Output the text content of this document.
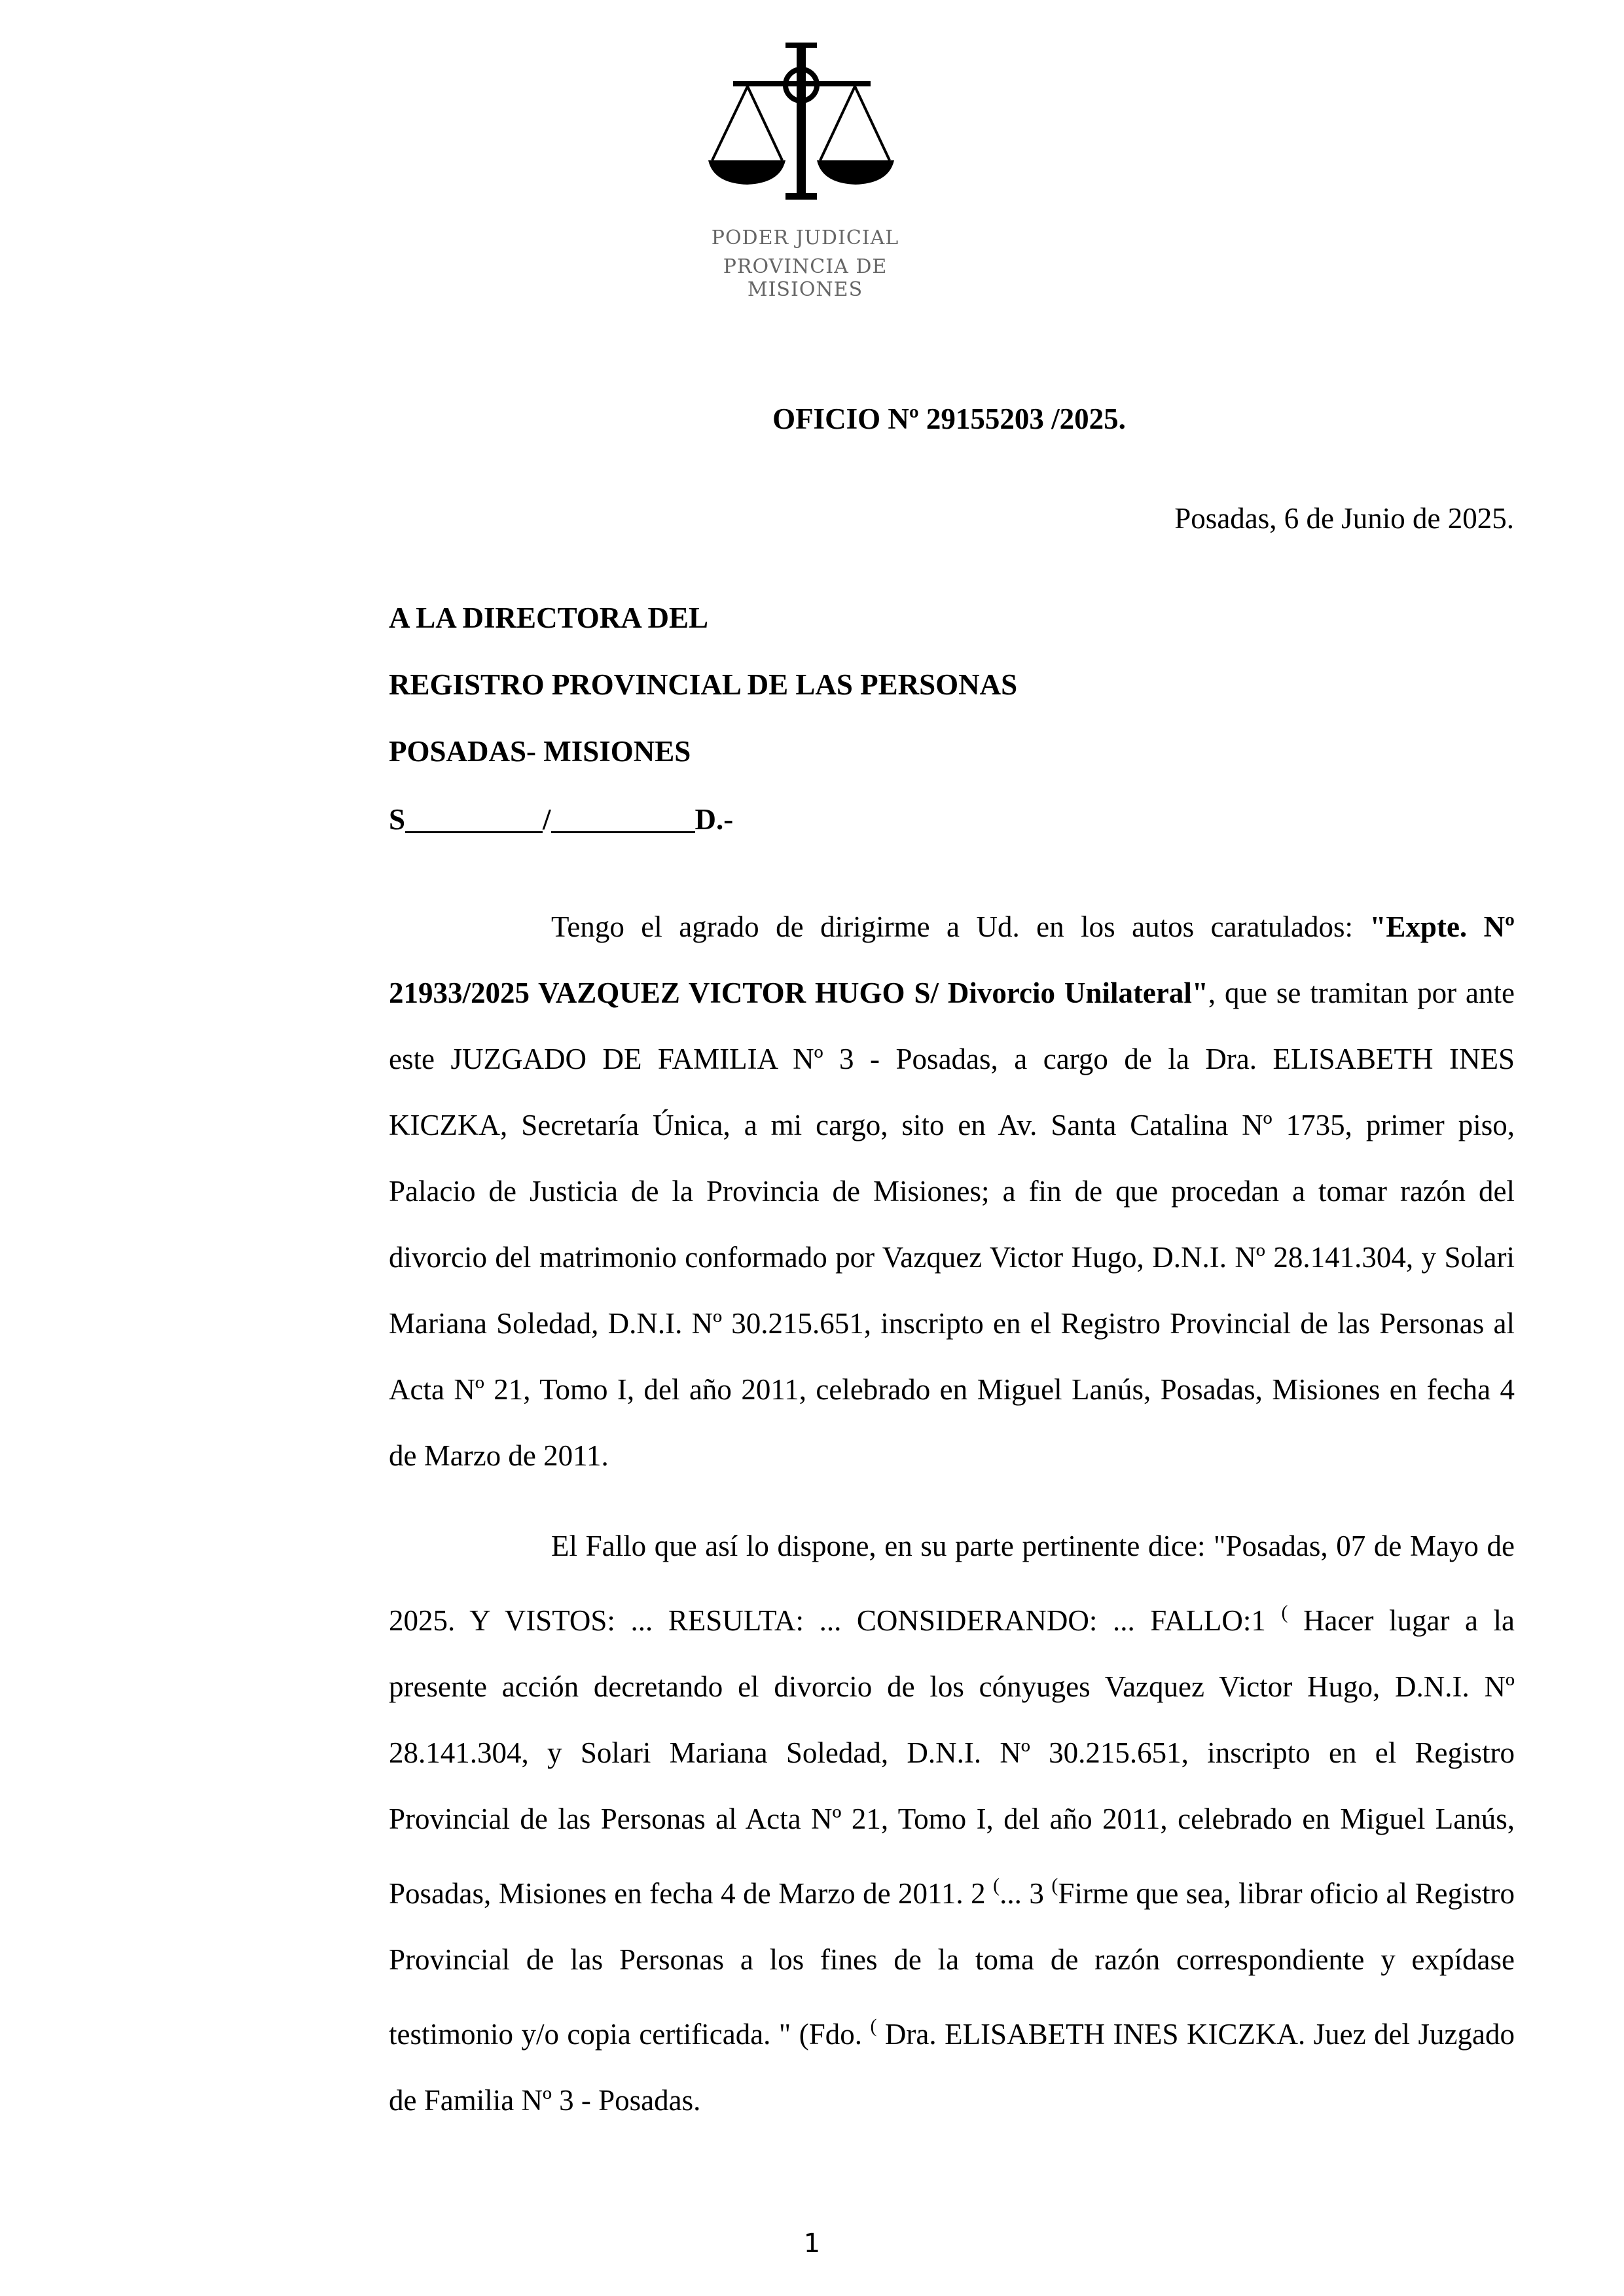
PODER JUDICIAL
PROVINCIA DE MISIONES
OFICIO Nº 29155203 /2025.
Posadas, 6 de Junio de 2025.
A LA DIRECTORA DEL
REGISTRO PROVINCIAL DE LAS PERSONAS
POSADAS- MISIONES
S	/	D.-
Tengo el agrado de dirigirme a Ud. en los autos caratulados: "Expte. Nº 21933/2025 VAZQUEZ VICTOR HUGO S/ Divorcio Unilateral", que se tramitan por ante este JUZGADO DE FAMILIA Nº 3 - Posadas, a cargo de la Dra. ELISABETH INES KICZKA, Secretaría Única, a mi cargo, sito en Av. Santa Catalina Nº 1735, primer piso, Palacio de Justicia de la Provincia de Misiones; a fin de que procedan a tomar razón del divorcio del matrimonio conformado por Vazquez Victor Hugo, D.N.I. Nº 28.141.304, y Solari Mariana Soledad, D.N.I. Nº 30.215.651, inscripto en el Registro Provincial de las Personas al Acta Nº 21, Tomo I, del año 2011, celebrado en Miguel Lanús, Posadas, Misiones en fecha 4 de Marzo de 2011.
El Fallo que así lo dispone, en su parte pertinente dice: "Posadas, 07 de Mayo de 2025. Y VISTOS: ... RESULTA: ... CONSIDERANDO: ... FALLO:1 ( Hacer lugar a la presente acción decretando el divorcio de los cónyuges Vazquez Victor Hugo, D.N.I. Nº 28.141.304, y Solari Mariana Soledad, D.N.I. Nº 30.215.651, inscripto en el Registro Provincial de las Personas al Acta Nº 21, Tomo I, del año 2011, celebrado en Miguel Lanús, Posadas, Misiones en fecha 4 de Marzo de 2011. 2 (... 3 (Firme que sea, librar oficio al Registro Provincial de las Personas a los fines de la toma de razón correspondiente y expídase testimonio y/o copia certificada. " (Fdo. ( Dra. ELISABETH INES KICZKA. Juez del Juzgado de Familia Nº 3 - Posadas.
1
